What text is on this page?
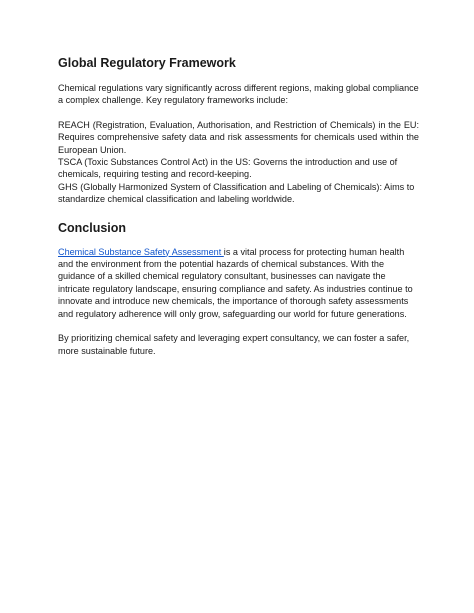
Global Regulatory Framework

Chemical regulations vary significantly across different regions, making global compliance a complex challenge. Key regulatory frameworks include:

REACH (Registration, Evaluation, Authorisation, and Restriction of Chemicals) in the EU: Requires comprehensive safety data and risk assessments for chemicals used within the European Union.

TSCA (Toxic Substances Control Act) in the US: Governs the introduction and use of chemicals, requiring testing and record-keeping.

GHS (Globally Harmonized System of Classification and Labeling of Chemicals): Aims to standardize chemical classification and labeling worldwide.

Conclusion

Chemical Substance Safety Assessment is a vital process for protecting human health and the environment from the potential hazards of chemical substances. With the guidance of a skilled chemical regulatory consultant, businesses can navigate the intricate regulatory landscape, ensuring compliance and safety. As industries continue to innovate and introduce new chemicals, the importance of thorough safety assessments and regulatory adherence will only grow, safeguarding our world for future generations.

By prioritizing chemical safety and leveraging expert consultancy, we can foster a safer, more sustainable future.
